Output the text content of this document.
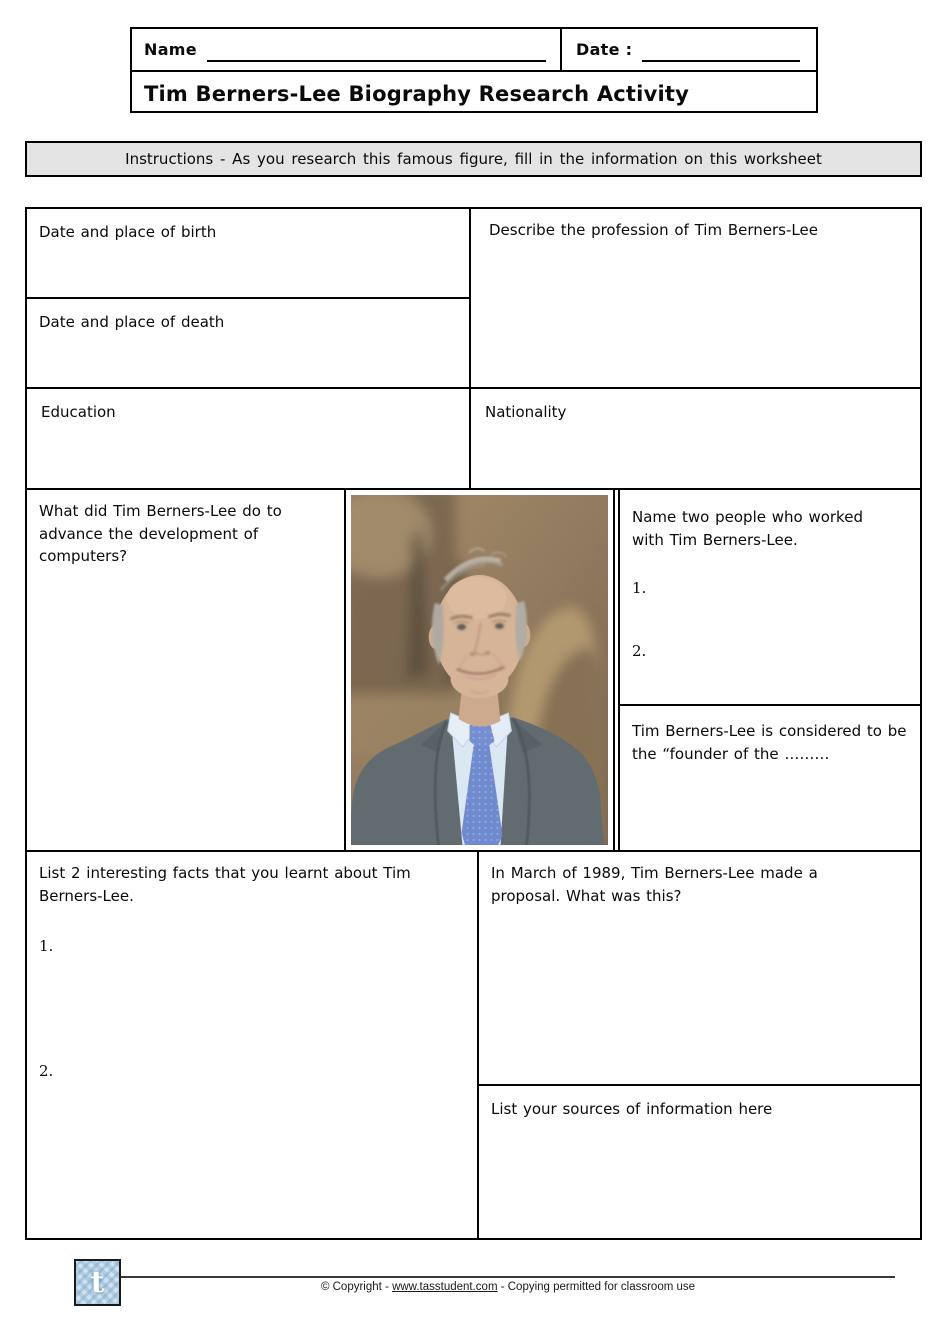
Name	Date :
Tim Berners-Lee Biography Research Activity
Instructions - As you research this famous figure, fill in the information on this worksheet
Date and place of birth
Date and place of death
Describe the profession of Tim Berners-Lee
Education	Nationality
What did Tim Berners-Lee do to advance the development of computers?
Name two people who worked with Tim Berners-Lee.
1.
2.
Tim Berners-Lee is considered to be the “founder of the ………
List 2 interesting facts that you learnt about Tim Berners-Lee.
1.
2.
In March of 1989, Tim Berners-Lee made a proposal. What was this?
List your sources of information here
t	© Copyright - www.tasstudent.com - Copying permitted for classroom use
